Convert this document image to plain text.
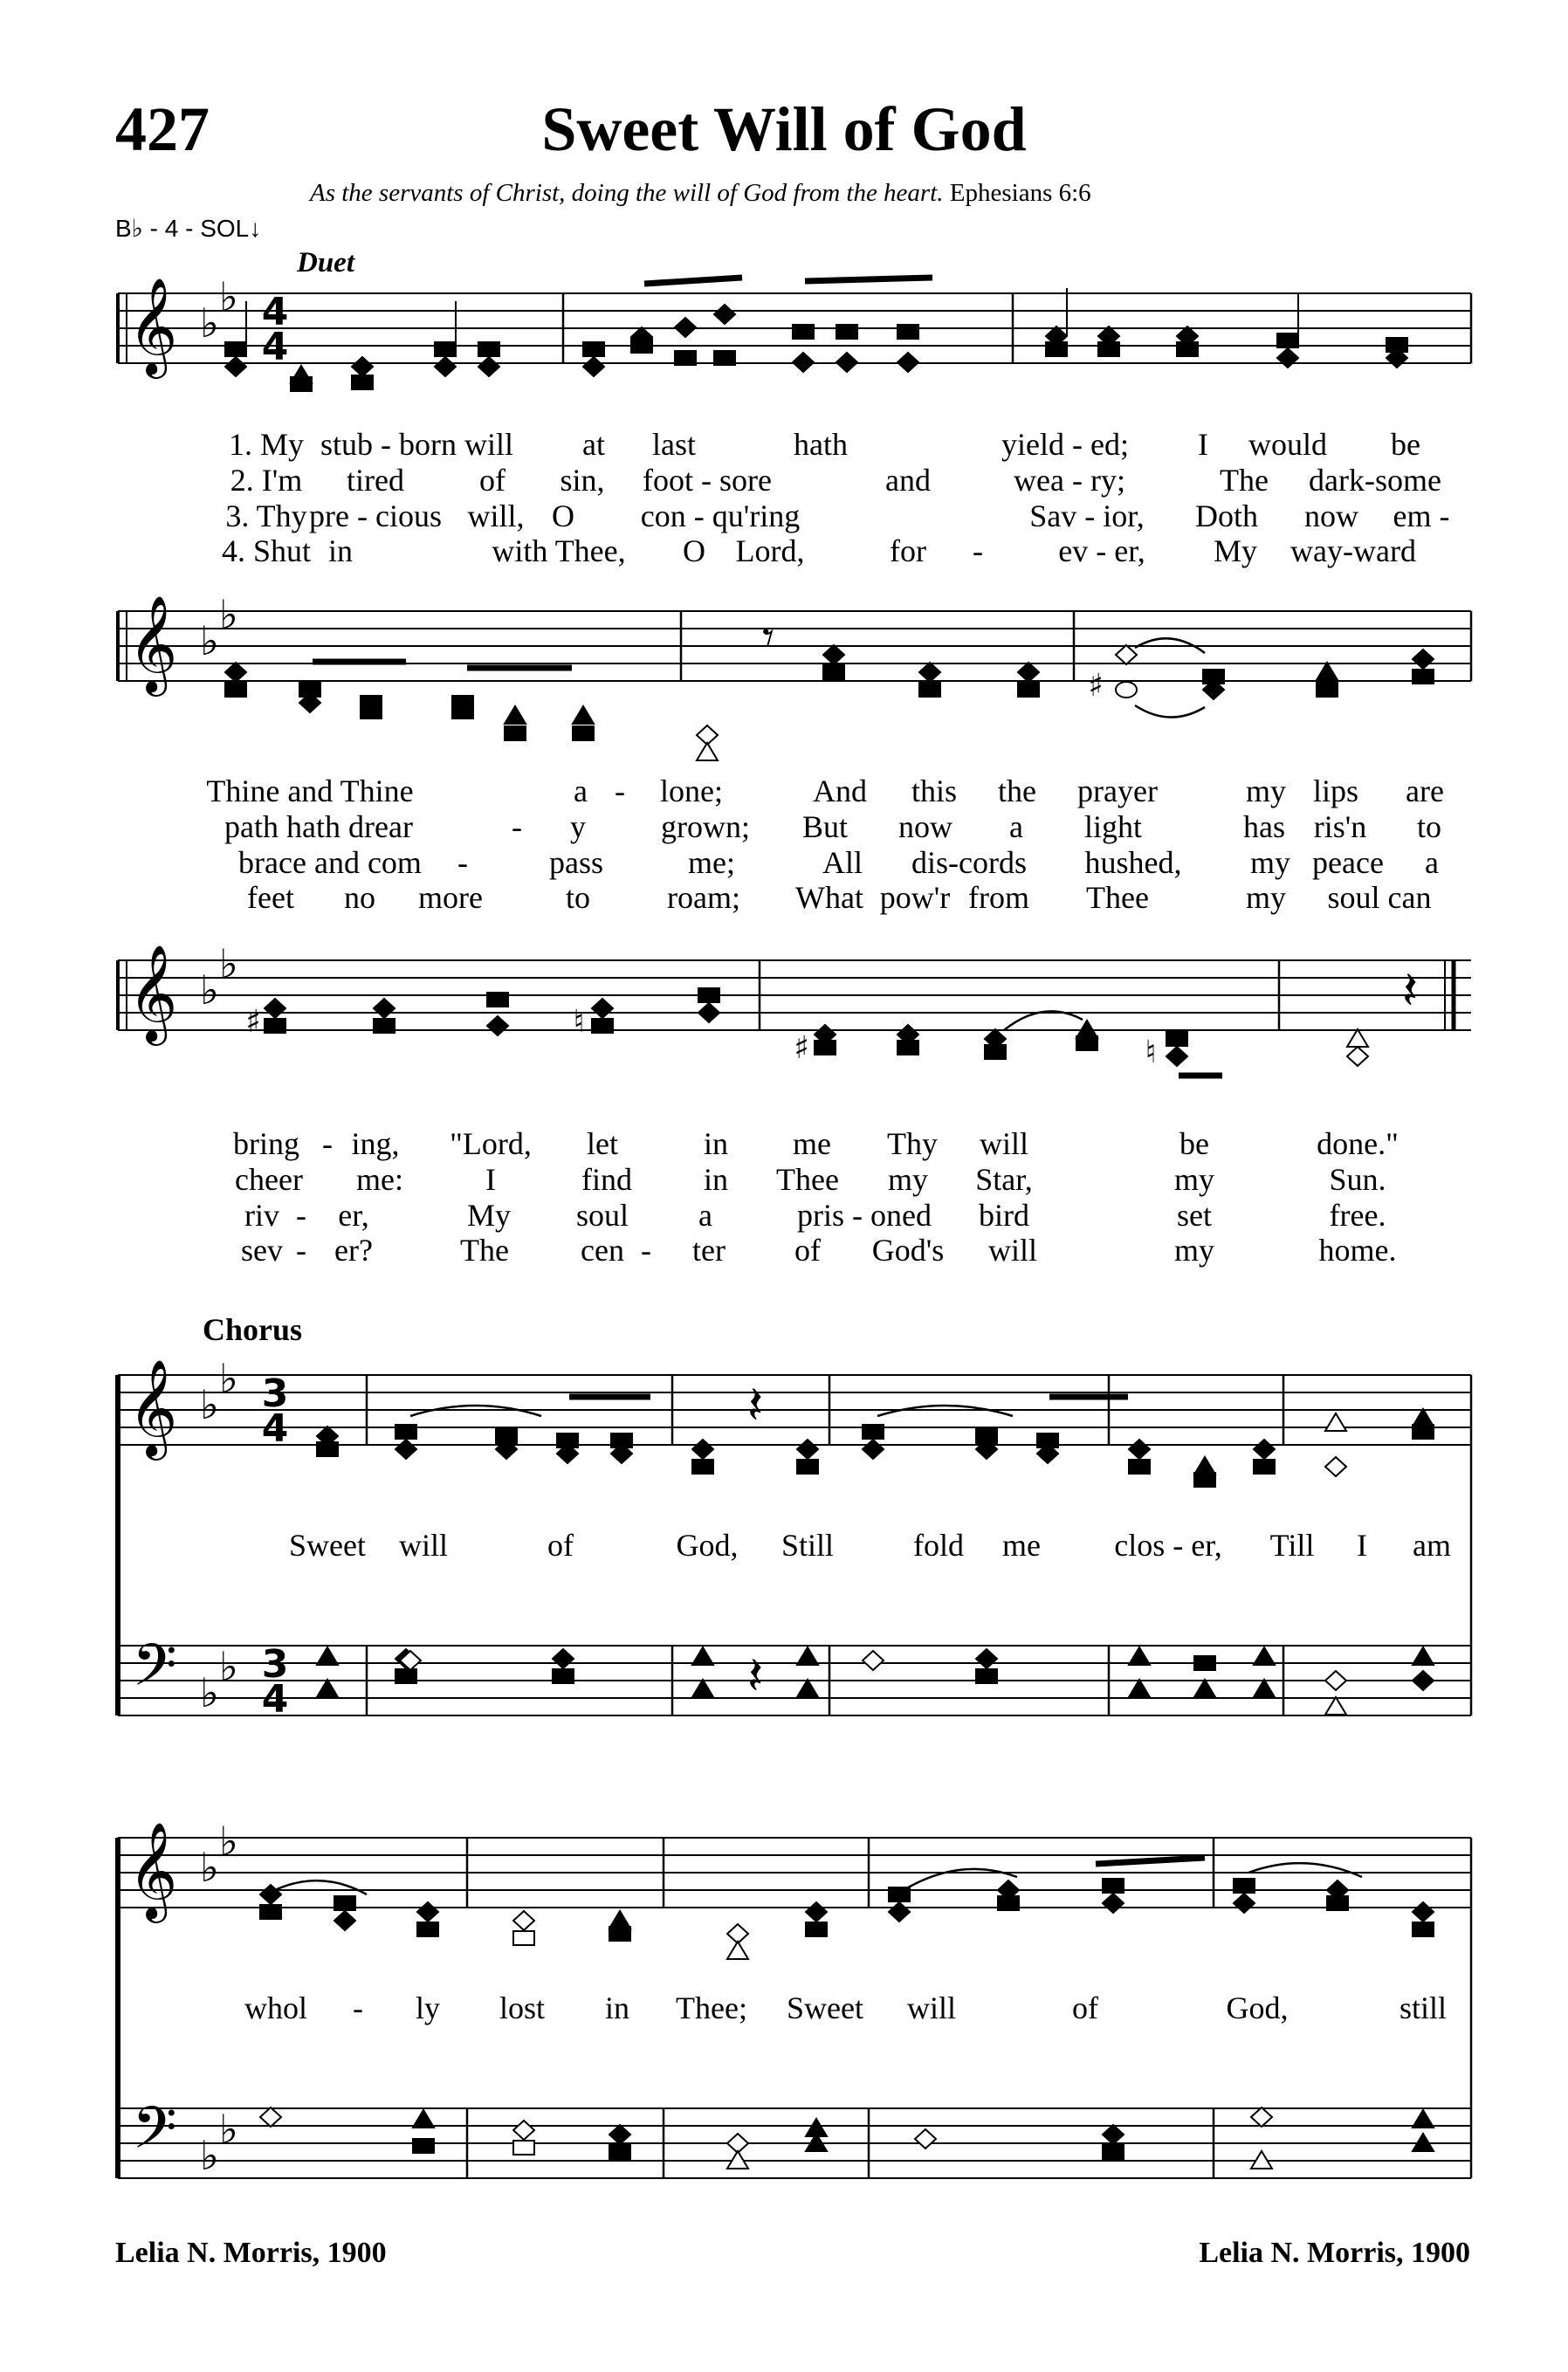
427	Sweet Will of God
As the servants of Christ, doing the will of God from the heart. Ephesians 6:6
B♭ - 4 - SOL↓
Duet
Chorus
𝄞 ♭
♭ 4
4
𝄞 ♭
♭	𝄾
♯
𝄞 ♭
♭
♯	♮
♯	♮
𝄽
𝄞
𝄢
♭
♭
♭
♭
3
4
3
4
𝄽
𝄽
𝄞
𝄢
♭
♭
♭
♭
1. My stub - born will at last	hath	yield - ed; I would be
2. I'm tired of sin, foot - sore	and	wea - ry;	The dark-some
3. Thy pre - cious will, O con - qu'ring	Sav - ior, Doth now em -
4. Shut in	with Thee, O Lord,	for - ev - er, My way-ward
Thine and Thine	a - lone;	And this the prayer	my lips are
path hath drear	- y grown; But now a light	has ris'n to
brace and com -	pass	me;	All dis-cords hushed, my peace a
feet no more	to roam; What pow'r from Thee	my soul can
bring - ing, "Lord, let	in me Thy will	be	done."
cheer me:	I	find in Thee my Star,	my	Sun.
riv - er,	My soul a	pris - oned bird	set	free.
sev - er?	The cen - ter of God's will	my	home.
Sweet will	of	God, Still	fold me clos - er, Till I am
whol - ly lost in Thee; Sweet will	of	God,	still
Lelia N. Morris, 1900	Lelia N. Morris, 1900
